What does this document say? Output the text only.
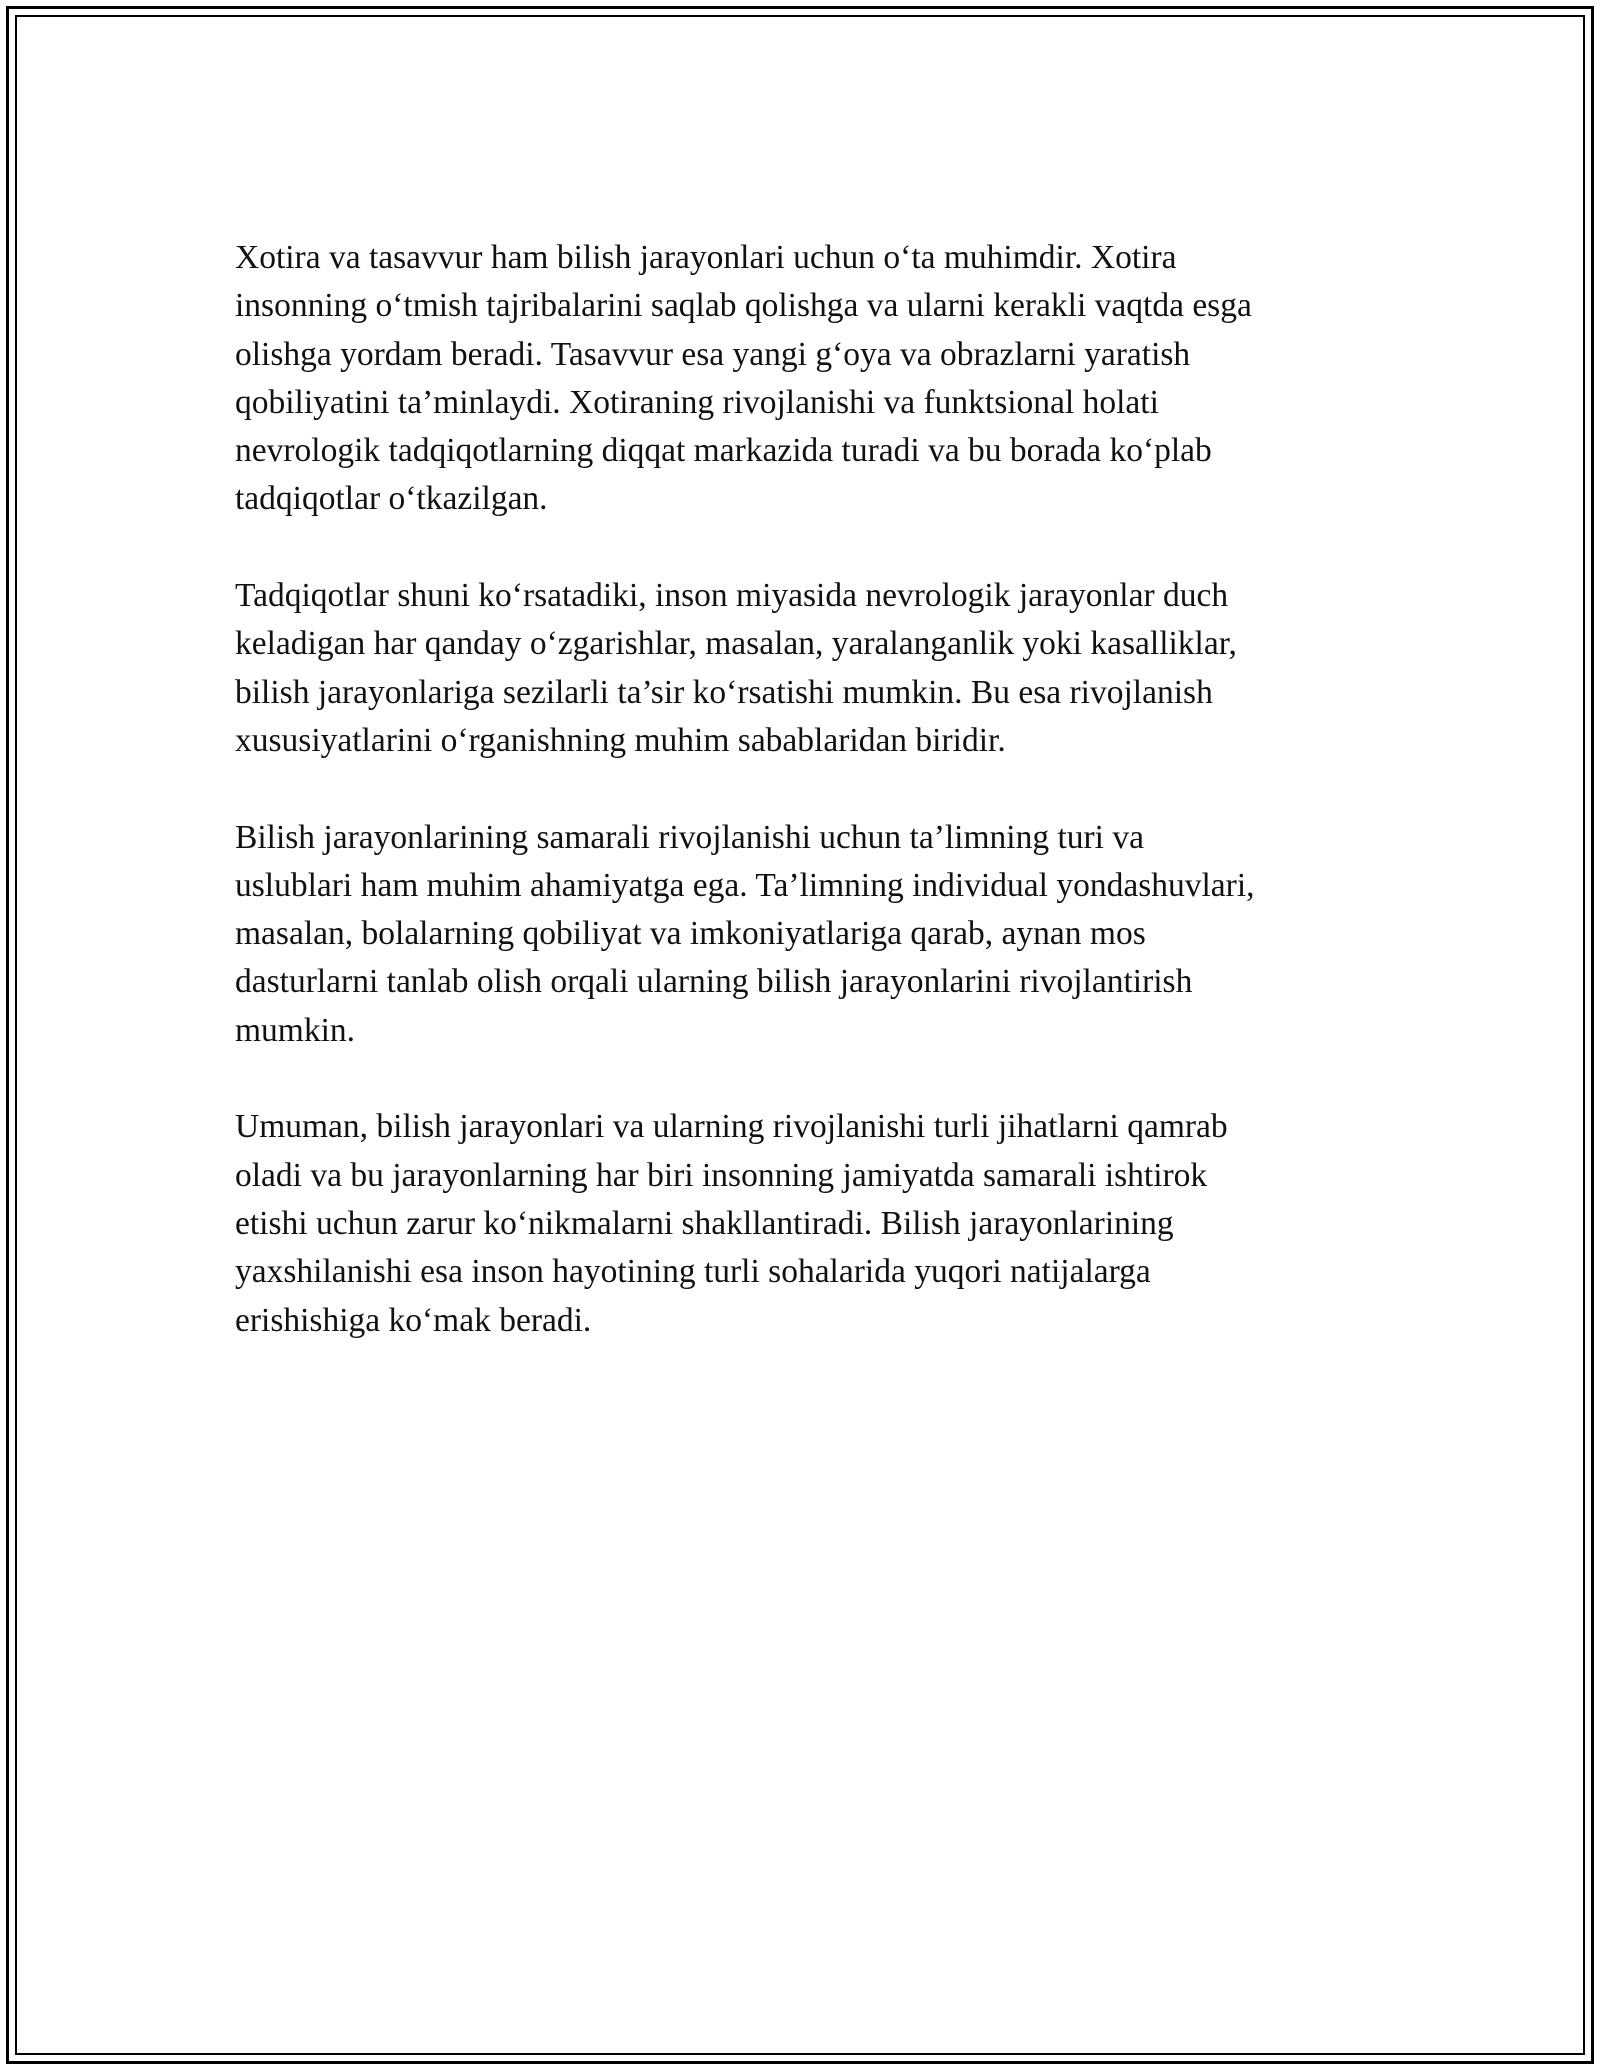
Xotira va tasavvur ham bilish jarayonlari uchun o‘ta muhimdir. Xotira
insonning o‘tmish tajribalarini saqlab qolishga va ularni kerakli vaqtda esga
olishga yordam beradi. Tasavvur esa yangi g‘oya va obrazlarni yaratish
qobiliyatini ta’minlaydi. Xotiraning rivojlanishi va funktsional holati
nevrologik tadqiqotlarning diqqat markazida turadi va bu borada ko‘plab
tadqiqotlar o‘tkazilgan.

Tadqiqotlar shuni ko‘rsatadiki, inson miyasida nevrologik jarayonlar duch
keladigan har qanday o‘zgarishlar, masalan, yaralanganlik yoki kasalliklar,
bilish jarayonlariga sezilarli ta’sir ko‘rsatishi mumkin. Bu esa rivojlanish
xususiyatlarini o‘rganishning muhim sabablaridan biridir.

Bilish jarayonlarining samarali rivojlanishi uchun ta’limning turi va
uslublari ham muhim ahamiyatga ega. Ta’limning individual yondashuvlari,
masalan, bolalarning qobiliyat va imkoniyatlariga qarab, aynan mos
dasturlarni tanlab olish orqali ularning bilish jarayonlarini rivojlantirish
mumkin.

Umuman, bilish jarayonlari va ularning rivojlanishi turli jihatlarni qamrab
oladi va bu jarayonlarning har biri insonning jamiyatda samarali ishtirok
etishi uchun zarur ko‘nikmalarni shakllantiradi. Bilish jarayonlarining
yaxshilanishi esa inson hayotining turli sohalarida yuqori natijalarga
erishishiga ko‘mak beradi.
